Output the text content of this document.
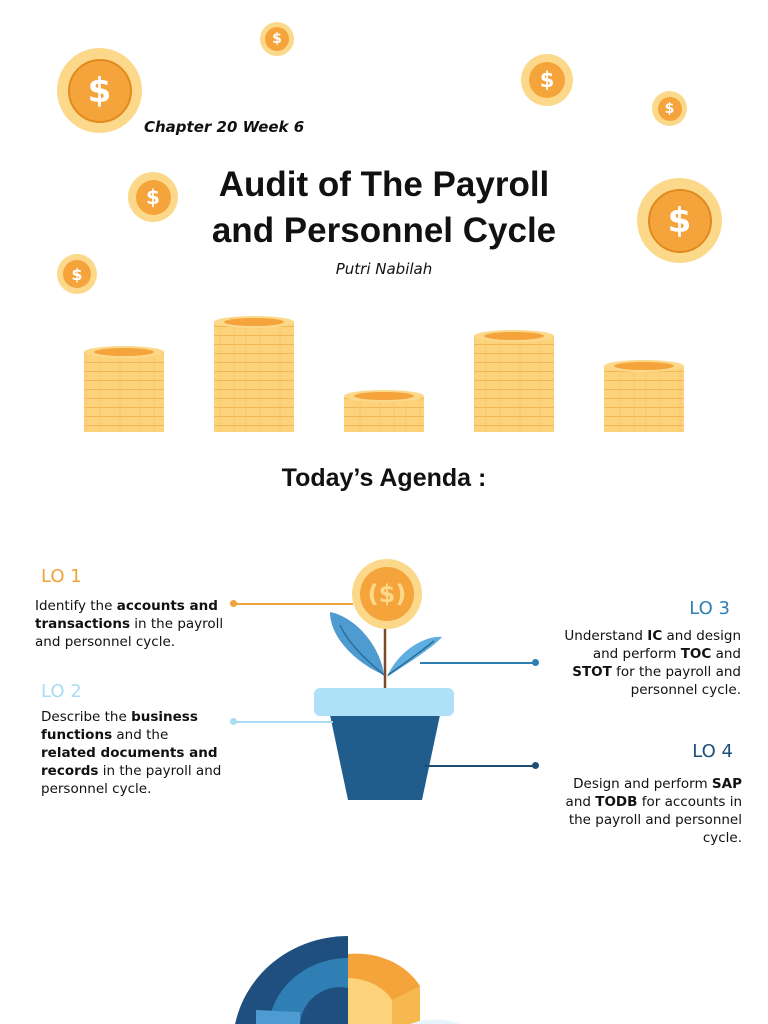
$
$
$
$
$
$
$
Chapter 20 Week 6
Audit of The Payroll
and Personnel Cycle
Putri Nabilah
Today’s Agenda :
($)
LO 1
Identify the accounts and transactions in the payroll and personnel cycle.
LO 2
Describe the business functions and the related documents and records in the payroll and personnel cycle.
LO 3
Understand IC and design and perform TOC and STOT for the payroll and personnel cycle.
LO 4
Design and perform SAP and TODB for accounts in the payroll and personnel cycle.
